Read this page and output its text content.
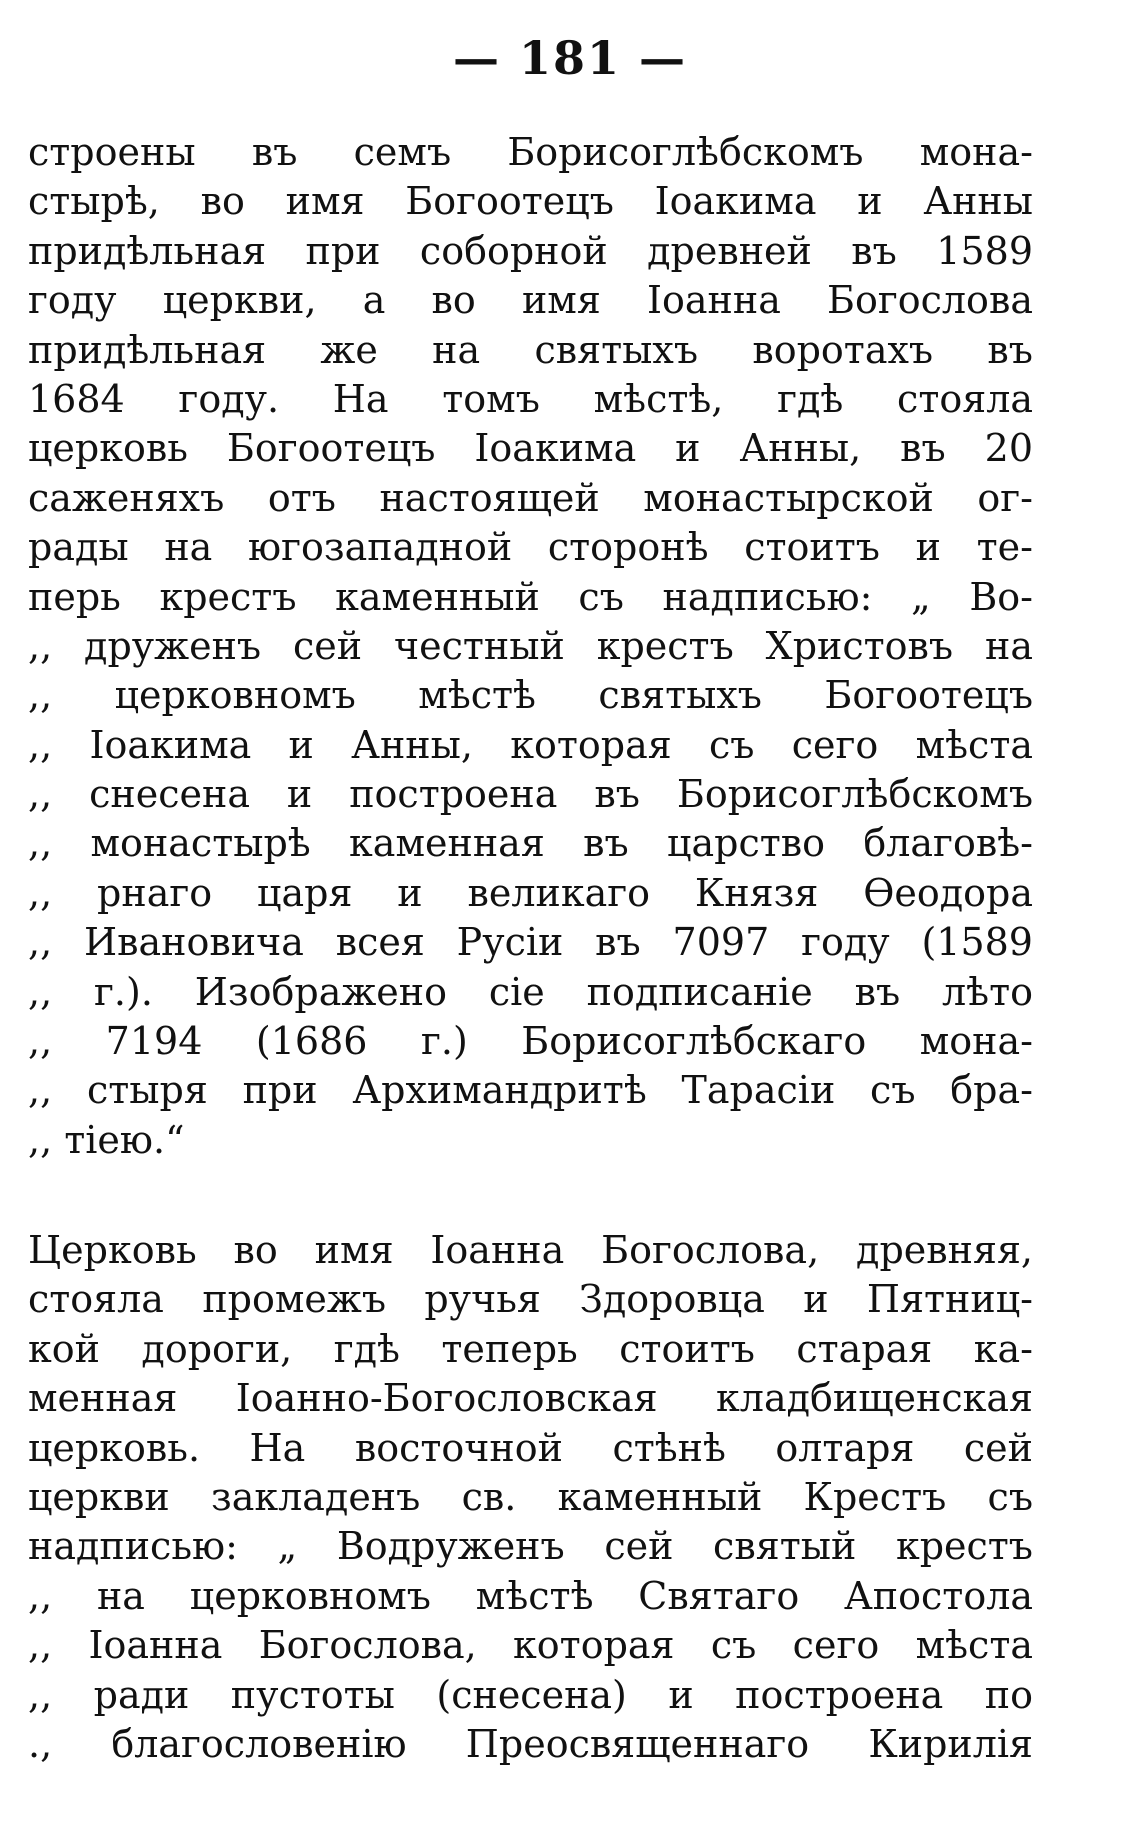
— 181 —
строены въ семъ Борисоглѣбскомъ мона-
стырѣ, во имя Богоотецъ Іоакима и Анны
придѣльная при соборной древней въ 1589
году церкви, а во имя Іоанна Богослова
придѣльная же на святыхъ воротахъ въ
1684 году. На томъ мѣстѣ, гдѣ стояла
церковь Богоотецъ Іоакима и Анны, въ 20
саженяхъ отъ настоящей монастырской ог-
рады на югозападной сторонѣ стоитъ и те-
перь крестъ каменный съ надписью: „ Во-
,, друженъ сей честный крестъ Христовъ на
,, церковномъ мѣстѣ святыхъ Богоотецъ
,, Іоакима и Анны, которая съ сего мѣста
,, снесена и построена въ Борисоглѣбскомъ
,, монастырѣ каменная въ царство благовѣ-
,, рнаго царя и великаго Князя Ѳеодора
,, Ивановича всея Русіи въ 7097 году (1589
,, г.). Изображено сіе подписаніе въ лѣто
,, 7194 (1686 г.) Борисоглѣбскаго мона-
,, стыря при Архимандритѣ Тарасіи съ бра-
,, тіею.“
Церковь во имя Іоанна Богослова, древняя,
стояла промежъ ручья Здоровца и Пятниц-
кой дороги, гдѣ теперь стоитъ старая ка-
менная Іоанно-Богословская кладбищенская
церковь. На восточной стѣнѣ олтаря сей
церкви закладенъ св. каменный Крестъ съ
надписью: „ Водруженъ сей святый крестъ
,, на церковномъ мѣстѣ Святаго Апостола
,, Іоанна Богослова, которая съ сего мѣста
,, ради пустоты (снесена) и построена по
., благословенію Преосвященнаго Кирилія
